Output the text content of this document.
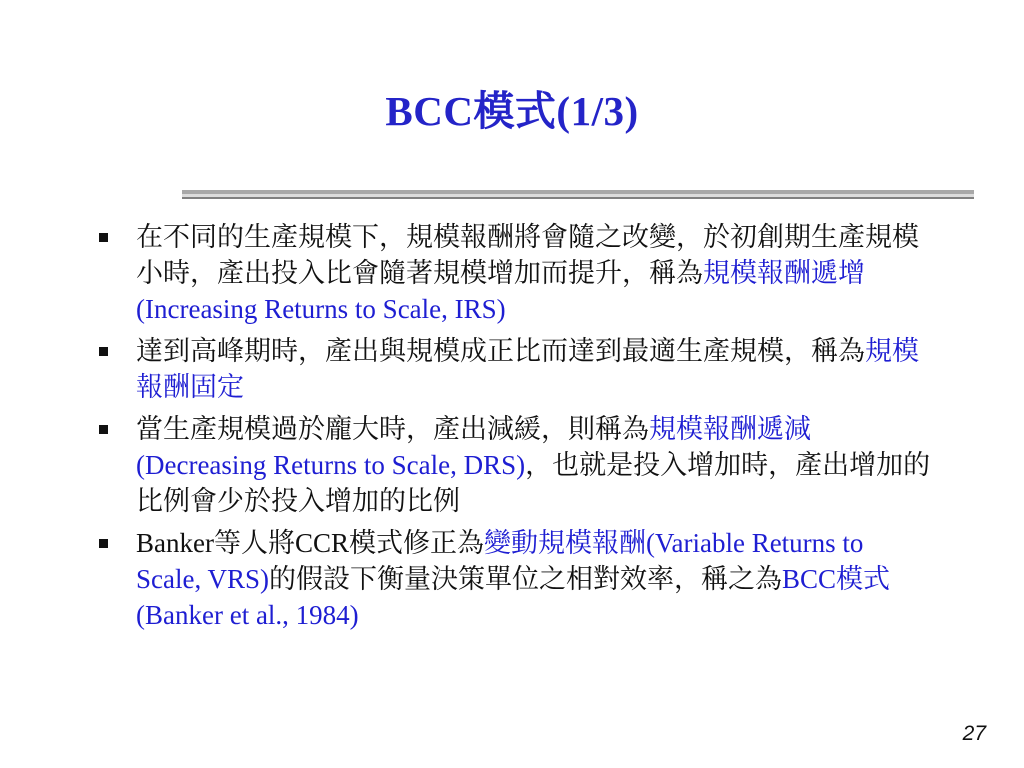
BCC模式(1/3)
在不同的生產規模下，規模報酬將會隨之改變，於初創期生產規模小時，產出投入比會隨著規模增加而提升，稱為規模報酬遞增(Increasing Returns to Scale, IRS)
達到高峰期時，產出與規模成正比而達到最適生產規模，稱為規模報酬固定
當生產規模過於龐大時，產出減緩，則稱為規模報酬遞減(Decreasing Returns to Scale, DRS)，也就是投入增加時，產出增加的比例會少於投入增加的比例
Banker等人將CCR模式修正為變動規模報酬(Variable Returns to Scale, VRS)的假設下衡量決策單位之相對效率，稱之為BCC模式(Banker et al., 1984)
27
